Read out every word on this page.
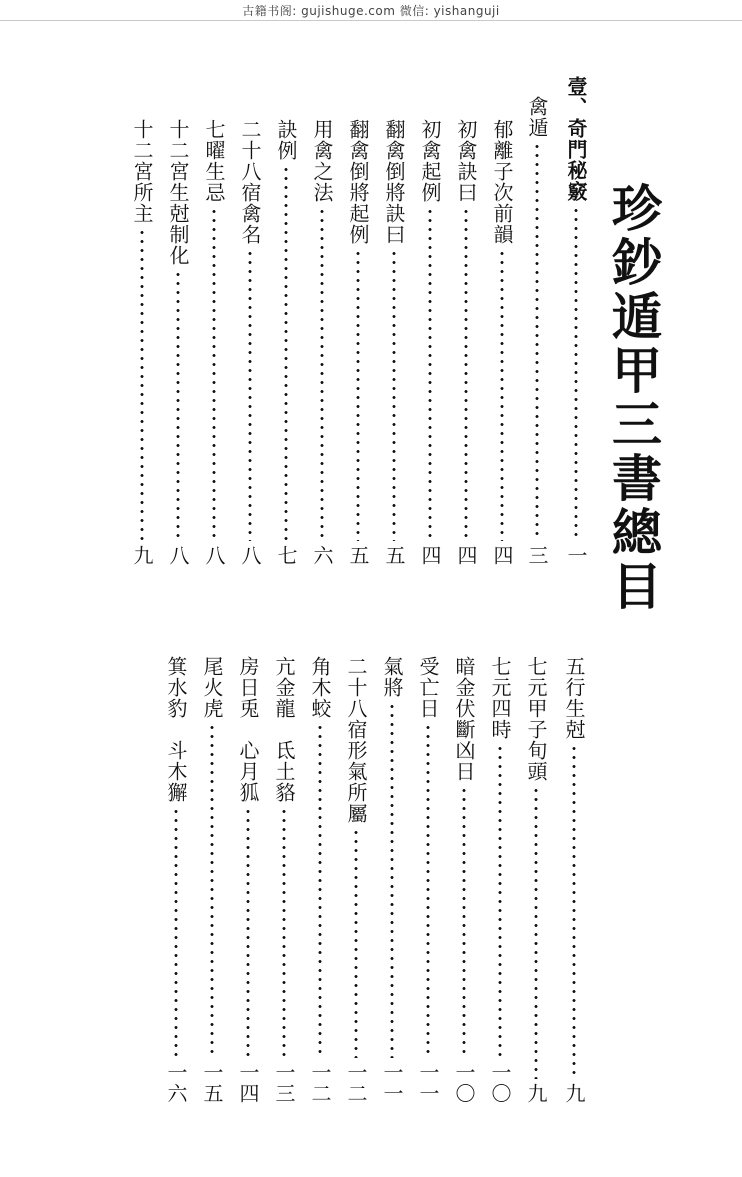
古籍书阁: gujishuge.com 微信: yishanguji
珍鈔遁甲三書總目
壹、奇門秘竅
一
禽遁
三
郁離子次前韻
四
初禽訣曰
四
初禽起例
四
翻禽倒將訣曰
五
翻禽倒將起例
五
用禽之法
六
訣例
七
二十八宿禽名
八
七曜生忌
八
十二宮生尅制化
八
十二宮所主
九
五行生尅
九
七元甲子旬頭
九
七元四時
一〇
暗金伏斷凶日
一〇
受亡日
一一
氣將
一一
二十八宿形氣所屬
一二
角木蛟
一二
亢金龍　氐土貉
一三
房日兎　心月狐
一四
尾火虎
一五
箕水豹　斗木獬
一六
